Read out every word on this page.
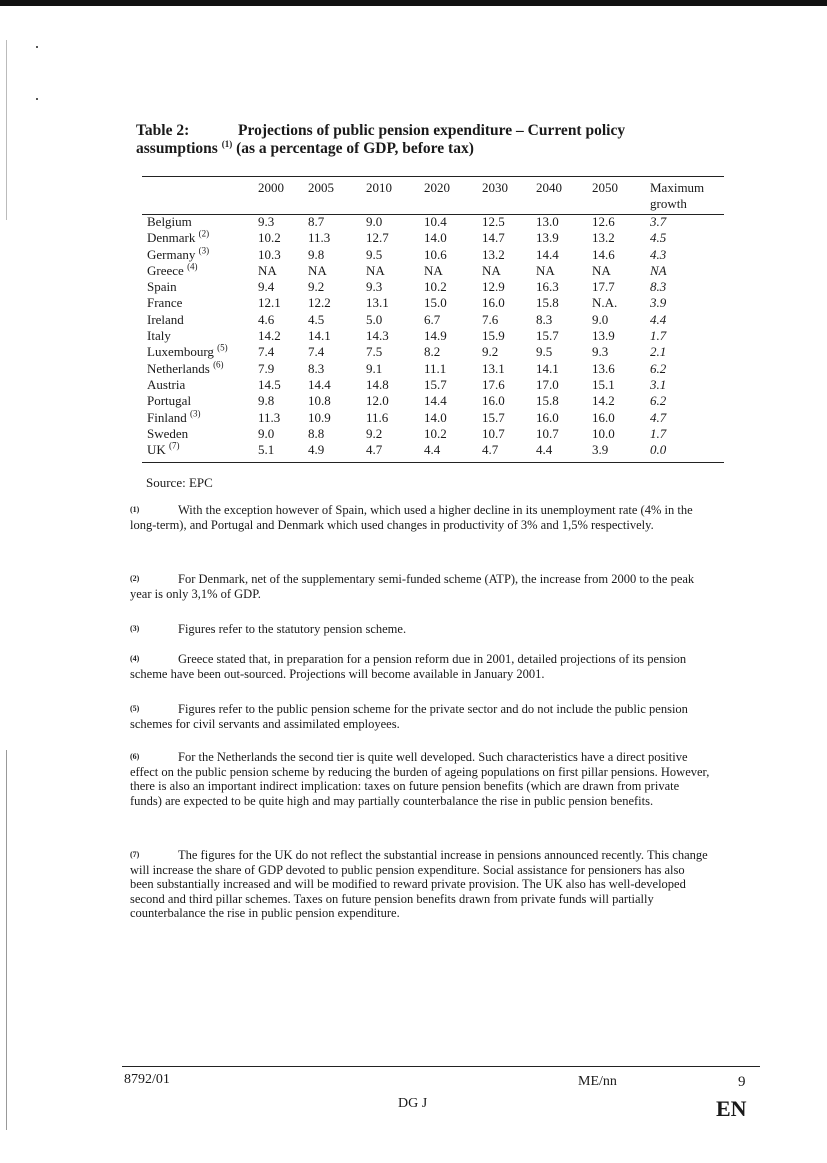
Table 2:	Projections of public pension expenditure – Current policy assumptions $^{(1)}$ (as a percentage of GDP, before tax)
	2000	2005	2010	2020	2030	2040	2050	Maximum growth
Belgium	9.3	8.7	9.0	10.4	12.5	13.0	12.6	3.7
Denmark $^{(2)}$	10.2	11.3	12.7	14.0	14.7	13.9	13.2	4.5
Germany $^{(3)}$	10.3	9.8	9.5	10.6	13.2	14.4	14.6	4.3
Greece $^{(4)}$	NA	NA	NA	NA	NA	NA	NA	NA
Spain	9.4	9.2	9.3	10.2	12.9	16.3	17.7	8.3
France	12.1	12.2	13.1	15.0	16.0	15.8	N.A.	3.9
Ireland	4.6	4.5	5.0	6.7	7.6	8.3	9.0	4.4
Italy	14.2	14.1	14.3	14.9	15.9	15.7	13.9	1.7
Luxembourg $^{(5)}$	7.4	7.4	7.5	8.2	9.2	9.5	9.3	2.1
Netherlands $^{(6)}$	7.9	8.3	9.1	11.1	13.1	14.1	13.6	6.2
Austria	14.5	14.4	14.8	15.7	17.6	17.0	15.1	3.1
Portugal	9.8	10.8	12.0	14.4	16.0	15.8	14.2	6.2
Finland $^{(3)}$	11.3	10.9	11.6	14.0	15.7	16.0	16.0	4.7
Sweden	9.0	8.8	9.2	10.2	10.7	10.7	10.0	1.7
UK $^{(7)}$	5.1	4.9	4.7	4.4	4.7	4.4	3.9	0.0
Source: EPC
(1)	With the exception however of Spain, which used a higher decline in its unemployment rate (4% in the long-term), and Portugal and Denmark which used changes in productivity of 3% and 1,5% respectively.
(2)	For Denmark, net of the supplementary semi-funded scheme (ATP), the increase from 2000 to the peak year is only 3,1% of GDP.
(3)	Figures refer to the statutory pension scheme.
(4)	Greece stated that, in preparation for a pension reform due in 2001, detailed projections of its pension scheme have been out-sourced. Projections will become available in January 2001.
(5)	Figures refer to the public pension scheme for the private sector and do not include the public pension schemes for civil servants and assimilated employees.
(6)	For the Netherlands the second tier is quite well developed. Such characteristics have a direct positive effect on the public pension scheme by reducing the burden of ageing populations on first pillar pensions. However, there is also an important indirect implication: taxes on future pension benefits (which are drawn from private funds) are expected to be quite high and may partially counterbalance the rise in public pension benefits.
(7)	The figures for the UK do not reflect the substantial increase in pensions announced recently. This change will increase the share of GDP devoted to public pension expenditure. Social assistance for pensioners has also been substantially increased and will be modified to reward private provision. The UK also has well-developed second and third pillar schemes. Taxes on future pension benefits drawn from private funds will partially counterbalance the rise in public pension expenditure.
8792/01	ME/nn	9
DG J	EN
